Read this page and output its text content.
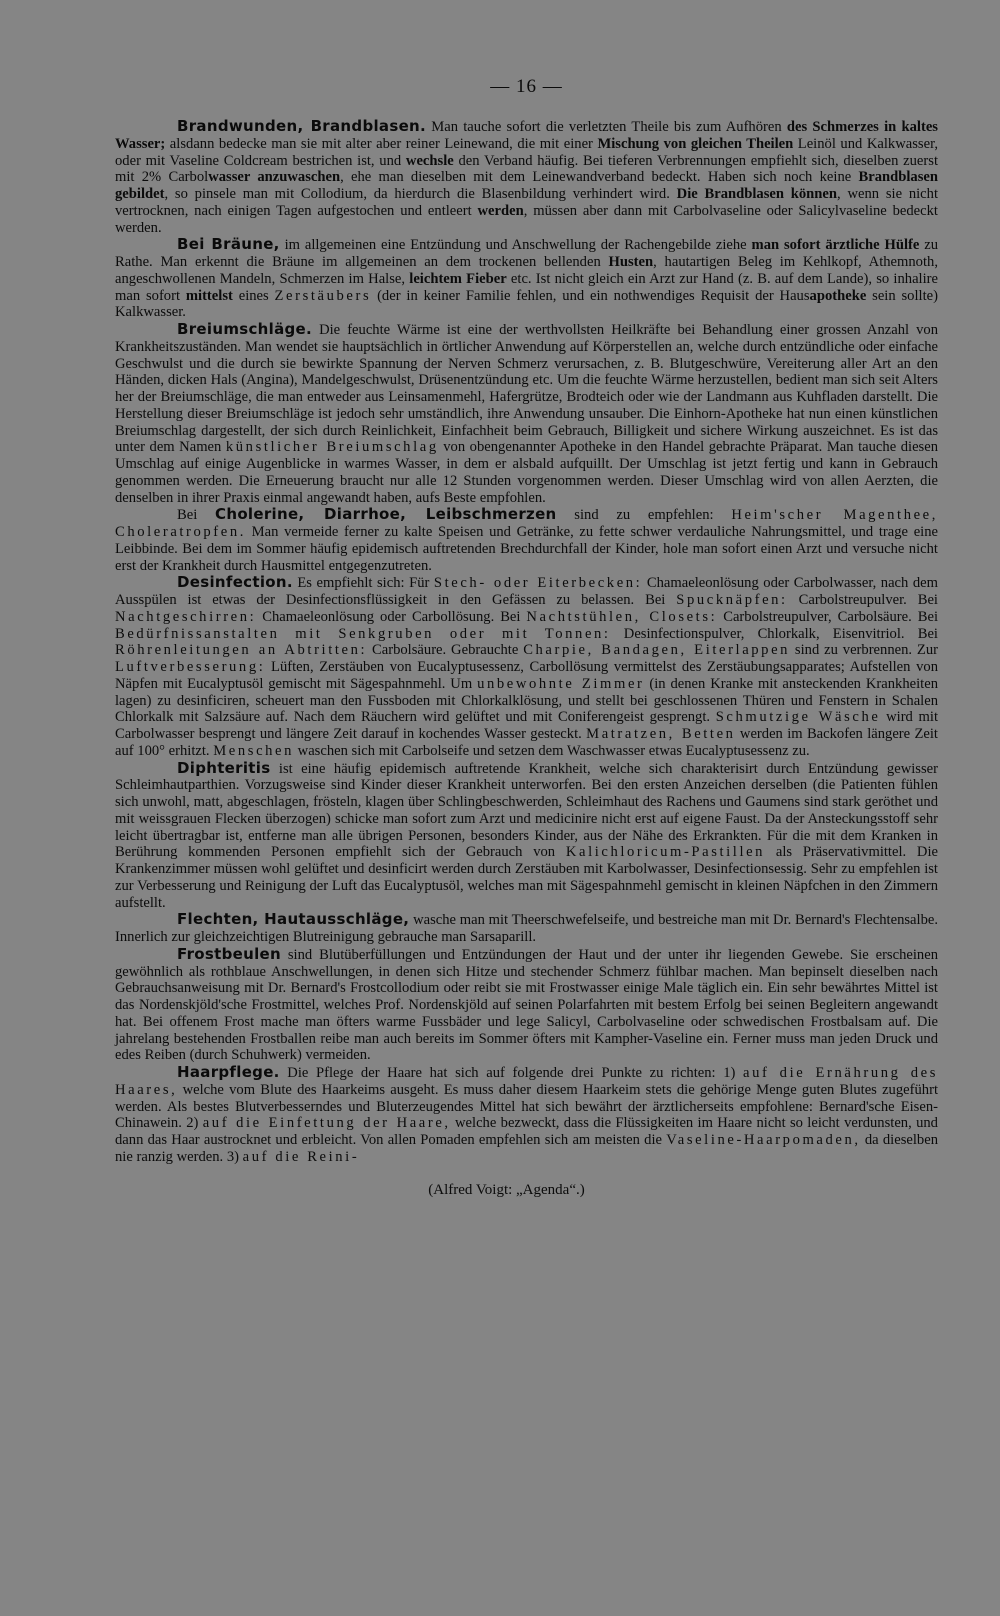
— 16 —

Brandwunden, Brandblasen. Man tauche sofort die verletzten Theile bis zum Aufhören des Schmerzes in kaltes Wasser; alsdann bedecke man sie mit alter aber reiner Leinewand, die mit einer Mischung von gleichen Theilen Leinöl und Kalkwasser, oder mit Vaseline Coldcream bestrichen ist, und wechsle den Verband häufig. Bei tieferen Verbrennungen empfiehlt sich, dieselben zuerst mit 2% Carbolwasser anzuwaschen, ehe man dieselben mit dem Leinewandverband bedeckt. Haben sich noch keine Brandblasen gebildet, so pinsele man mit Collodium, da hierdurch die Blasenbildung verhindert wird. Die Brandblasen können, wenn sie nicht vertrocknen, nach einigen Tagen aufgestochen und entleert werden, müssen aber dann mit Carbolvaseline oder Salicylvaseline bedeckt werden.

Bei Bräune, im allgemeinen eine Entzündung und Anschwellung der Rachengebilde ziehe man sofort ärztliche Hülfe zu Rathe. Man erkennt die Bräune im allgemeinen an dem trockenen bellenden Husten, hautartigen Beleg im Kehlkopf, Athemnoth, angeschwollenen Mandeln, Schmerzen im Halse, leichtem Fieber etc. Ist nicht gleich ein Arzt zur Hand (z. B. auf dem Lande), so inhalire man sofort mittelst eines Zerstäubers (der in keiner Familie fehlen, und ein nothwendiges Requisit der Hausapotheke sein sollte) Kalkwasser.

Breiumschläge. Die feuchte Wärme ist eine der werthvollsten Heilkräfte bei Behandlung einer grossen Anzahl von Krankheitszuständen. Man wendet sie hauptsächlich in örtlicher Anwendung auf Körperstellen an, welche durch entzündliche oder einfache Geschwulst und die durch sie bewirkte Spannung der Nerven Schmerz verursachen, z. B. Blutgeschwüre, Vereiterung aller Art an den Händen, dicken Hals (Angina), Mandelgeschwulst, Drüsenentzündung etc. Um die feuchte Wärme herzustellen, bedient man sich seit Alters her der Breiumschläge, die man entweder aus Leinsamenmehl, Hafergrütze, Brodteich oder wie der Landmann aus Kuhfladen darstellt. Die Herstellung dieser Breiumschläge ist jedoch sehr umständlich, ihre Anwendung unsauber. Die Einhorn-Apotheke hat nun einen künstlichen Breiumschlag dargestellt, der sich durch Reinlichkeit, Einfachheit beim Gebrauch, Billigkeit und sichere Wirkung auszeichnet. Es ist das unter dem Namen künstlicher Breiumschlag von obengenannter Apotheke in den Handel gebrachte Präparat. Man tauche diesen Umschlag auf einige Augenblicke in warmes Wasser, in dem er alsbald aufquillt. Der Umschlag ist jetzt fertig und kann in Gebrauch genommen werden. Die Erneuerung braucht nur alle 12 Stunden vorgenommen werden. Dieser Umschlag wird von allen Aerzten, die denselben in ihrer Praxis einmal angewandt haben, aufs Beste empfohlen.

Bei Cholerine, Diarrhoe, Leibschmerzen sind zu empfehlen: Heim'scher Magenthee, Choleratropfen. Man vermeide ferner zu kalte Speisen und Getränke, zu fette schwer verdauliche Nahrungsmittel, und trage eine Leibbinde. Bei dem im Sommer häufig epidemisch auftretenden Brechdurchfall der Kinder, hole man sofort einen Arzt und versuche nicht erst der Krankheit durch Hausmittel entgegenzutreten.

Desinfection. Es empfiehlt sich: Für Stech- oder Eiterbecken: Chamaeleonlösung oder Carbolwasser, nach dem Ausspülen ist etwas der Desinfectionsflüssigkeit in den Gefässen zu belassen. Bei Spucknäpfen: Carbolstreupulver. Bei Nachtgeschirren: Chamaeleonlösung oder Carbollösung. Bei Nachtstühlen, Closets: Carbolstreupulver, Carbolsäure. Bei Bedürfnissanstalten mit Senkgruben oder mit Tonnen: Desinfectionspulver, Chlorkalk, Eisenvitriol. Bei Röhrenleitungen an Abtritten: Carbolsäure. Gebrauchte Charpie, Bandagen, Eiterlappen sind zu verbrennen. Zur Luftverbesserung: Lüften, Zerstäuben von Eucalyptusessenz, Carbollösung vermittelst des Zerstäubungsapparates; Aufstellen von Näpfen mit Eucalyptusöl gemischt mit Sägespahnmehl. Um unbewohnte Zimmer (in denen Kranke mit ansteckenden Krankheiten lagen) zu desinficiren, scheuert man den Fussboden mit Chlorkalklösung, und stellt bei geschlossenen Thüren und Fenstern in Schalen Chlorkalk mit Salzsäure auf. Nach dem Räuchern wird gelüftet und mit Coniferengeist gesprengt. Schmutzige Wäsche wird mit Carbolwasser besprengt und längere Zeit darauf in kochendes Wasser gesteckt. Matratzen, Betten werden im Backofen längere Zeit auf 100° erhitzt. Menschen waschen sich mit Carbolseife und setzen dem Waschwasser etwas Eucalyptusessenz zu.

Diphteritis ist eine häufig epidemisch auftretende Krankheit, welche sich charakterisirt durch Entzündung gewisser Schleimhautparthien. Vorzugsweise sind Kinder dieser Krankheit unterworfen. Bei den ersten Anzeichen derselben (die Patienten fühlen sich unwohl, matt, abgeschlagen, frösteln, klagen über Schlingbeschwerden, Schleimhaut des Rachens und Gaumens sind stark geröthet und mit weissgrauen Flecken überzogen) schicke man sofort zum Arzt und medicinire nicht erst auf eigene Faust. Da der Ansteckungsstoff sehr leicht übertragbar ist, entferne man alle übrigen Personen, besonders Kinder, aus der Nähe des Erkrankten. Für die mit dem Kranken in Berührung kommenden Personen empfiehlt sich der Gebrauch von Kalichloricum-Pastillen als Präservativmittel. Die Krankenzimmer müssen wohl gelüftet und desinficirt werden durch Zerstäuben mit Karbolwasser, Desinfectionsessig. Sehr zu empfehlen ist zur Verbesserung und Reinigung der Luft das Eucalyptusöl, welches man mit Sägespahnmehl gemischt in kleinen Näpfchen in den Zimmern aufstellt.

Flechten, Hautausschläge, wasche man mit Theerschwefelseife, und bestreiche man mit Dr. Bernard's Flechtensalbe. Innerlich zur gleichzeichtigen Blutreinigung gebrauche man Sarsaparill.

Frostbeulen sind Blutüberfüllungen und Entzündungen der Haut und der unter ihr liegenden Gewebe. Sie erscheinen gewöhnlich als rothblaue Anschwellungen, in denen sich Hitze und stechender Schmerz fühlbar machen. Man bepinselt dieselben nach Gebrauchsanweisung mit Dr. Bernard's Frostcollodium oder reibt sie mit Frostwasser einige Male täglich ein. Ein sehr bewährtes Mittel ist das Nordenskjöld'sche Frostmittel, welches Prof. Nordenskjöld auf seinen Polarfahrten mit bestem Erfolg bei seinen Begleitern angewandt hat. Bei offenem Frost mache man öfters warme Fussbäder und lege Salicyl, Carbolvaseline oder schwedischen Frostbalsam auf. Die jahrelang bestehenden Frostballen reibe man auch bereits im Sommer öfters mit Kampher-Vaseline ein. Ferner muss man jeden Druck und edes Reiben (durch Schuhwerk) vermeiden.

Haarpflege. Die Pflege der Haare hat sich auf folgende drei Punkte zu richten: 1) auf die Ernährung des Haares, welche vom Blute des Haarkeims ausgeht. Es muss daher diesem Haarkeim stets die gehörige Menge guten Blutes zugeführt werden. Als bestes Blutverbesserndes und Bluterzeugendes Mittel hat sich bewährt der ärztlicherseits empfohlene: Bernard'sche Eisen-Chinawein. 2) auf die Einfettung der Haare, welche bezweckt, dass die Flüssigkeiten im Haare nicht so leicht verdunsten, und dann das Haar austrocknet und erbleicht. Von allen Pomaden empfehlen sich am meisten die Vaseline-Haarpomaden, da dieselben nie ranzig werden. 3) auf die Reini-

(Alfred Voigt: „Agenda“.)
